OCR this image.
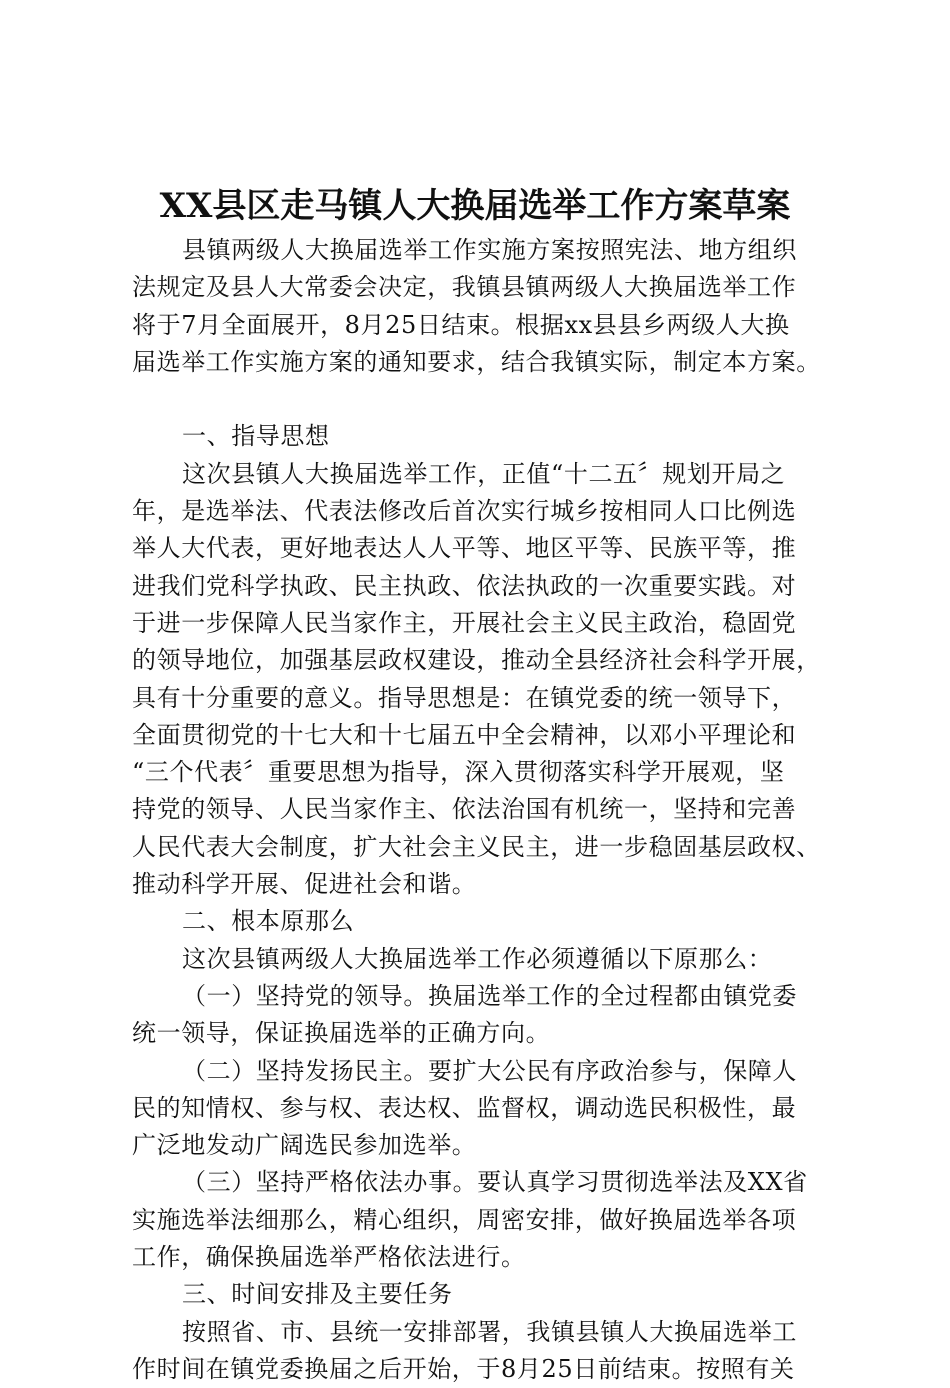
XX县区走马镇人大换届选举工作方案草案
县镇两级人大换届选举工作实施方案按照宪法、地方组织
法规定及县人大常委会决定，我镇县镇两级人大换届选举工作
将于7月全面展开，8月25日结束。根据xx县县乡两级人大换
届选举工作实施方案的通知要求，结合我镇实际，制定本方案。
一、指导思想
这次县镇人大换届选举工作，正值“十二五〞规划开局之
年，是选举法、代表法修改后首次实行城乡按相同人口比例选
举人大代表，更好地表达人人平等、地区平等、民族平等，推
进我们党科学执政、民主执政、依法执政的一次重要实践。对
于进一步保障人民当家作主，开展社会主义民主政治，稳固党
的领导地位，加强基层政权建设，推动全县经济社会科学开展，
具有十分重要的意义。指导思想是：在镇党委的统一领导下，
全面贯彻党的十七大和十七届五中全会精神，以邓小平理论和
“三个代表〞重要思想为指导，深入贯彻落实科学开展观，坚
持党的领导、人民当家作主、依法治国有机统一，坚持和完善
人民代表大会制度，扩大社会主义民主，进一步稳固基层政权、
推动科学开展、促进社会和谐。
二、根本原那么
这次县镇两级人大换届选举工作必须遵循以下原那么：
（一）坚持党的领导。换届选举工作的全过程都由镇党委
统一领导，保证换届选举的正确方向。
（二）坚持发扬民主。要扩大公民有序政治参与，保障人
民的知情权、参与权、表达权、监督权，调动选民积极性，最
广泛地发动广阔选民参加选举。
（三）坚持严格依法办事。要认真学习贯彻选举法及XX省
实施选举法细那么，精心组织，周密安排，做好换届选举各项
工作，确保换届选举严格依法进行。
三、时间安排及主要任务
按照省、市、县统一安排部署，我镇县镇人大换届选举工
作时间在镇党委换届之后开始，于8月25日前结束。按照有关
